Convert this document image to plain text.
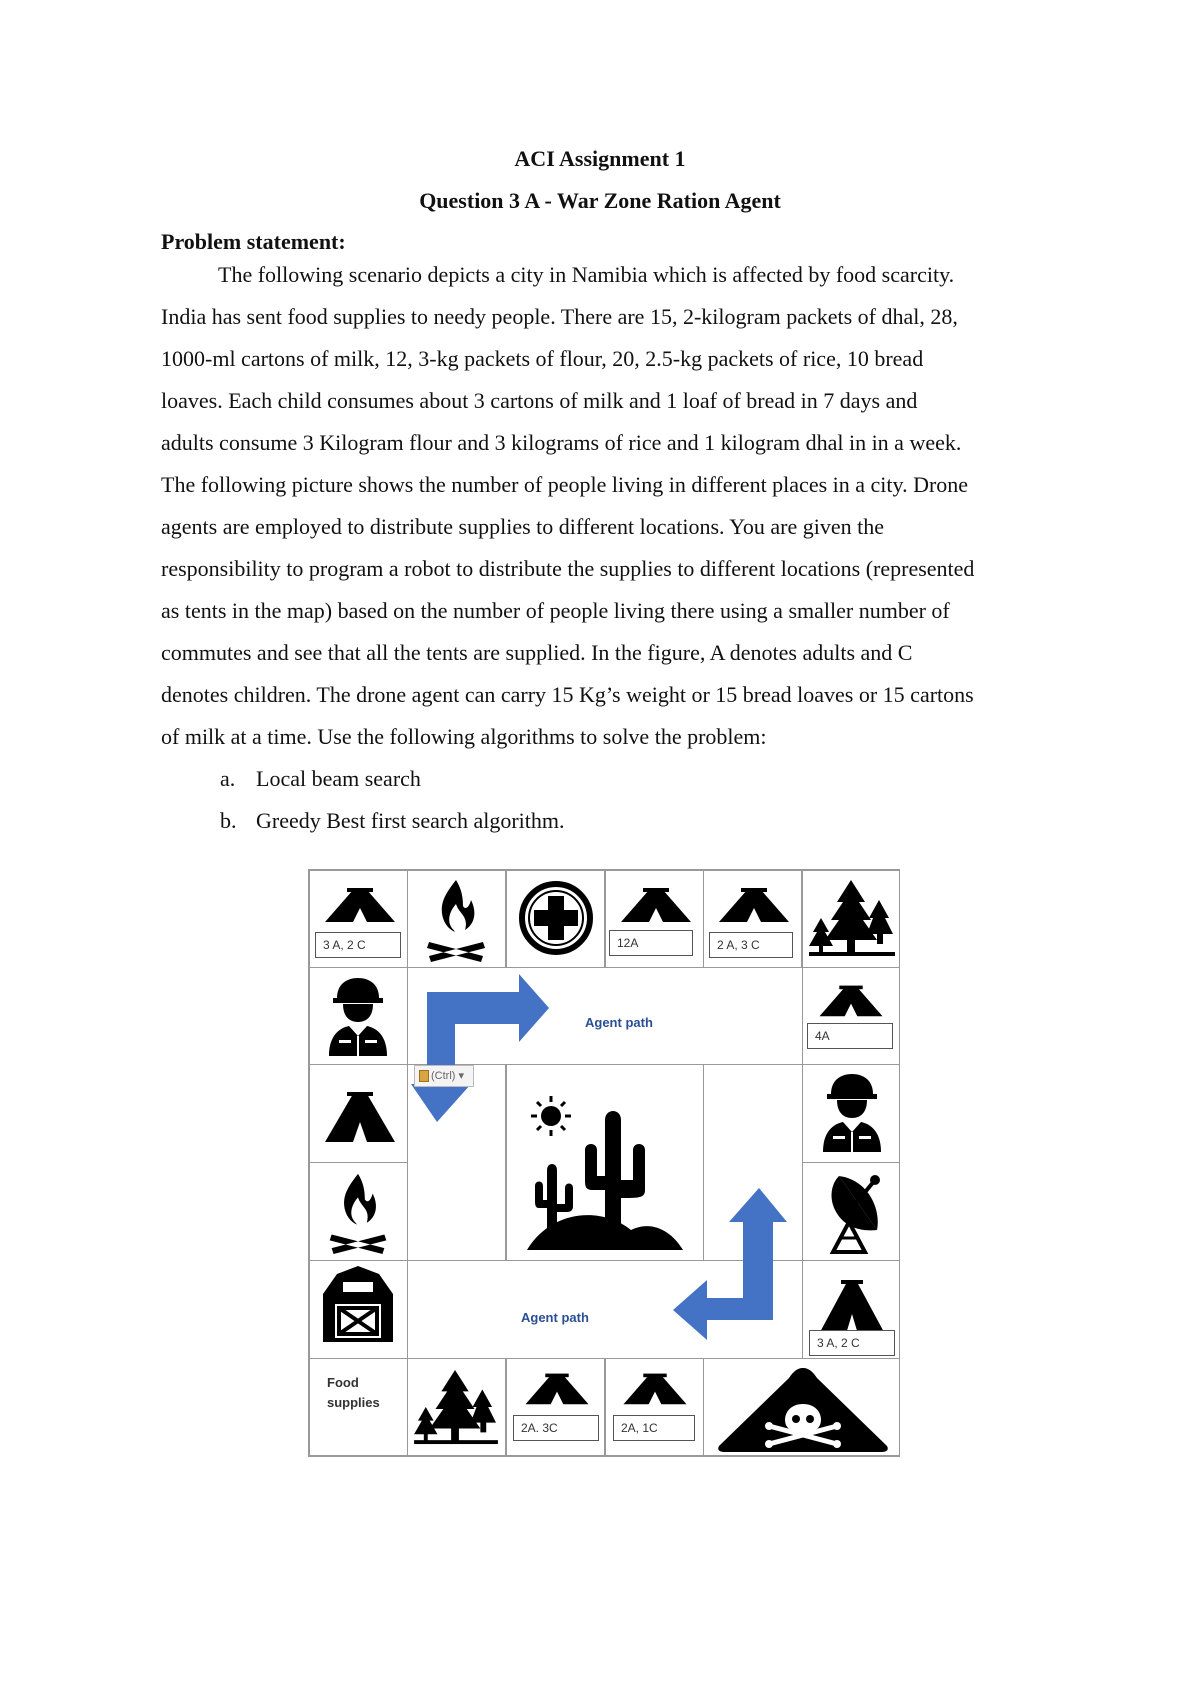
ACI Assignment 1
Question 3 A - War Zone Ration Agent
Problem statement:
The following scenario depicts a city in Namibia which is affected by food scarcity.
India has sent food supplies to needy people. There are 15, 2-kilogram packets of dhal, 28,
1000-ml cartons of milk, 12, 3-kg packets of flour, 20, 2.5-kg packets of rice, 10 bread
loaves. Each child consumes about 3 cartons of milk and 1 loaf of bread in 7 days and
adults consume 3 Kilogram flour and 3 kilograms of rice and 1 kilogram dhal in in a week.
The following picture shows the number of people living in different places in a city. Drone
agents are employed to distribute supplies to different locations. You are given the
responsibility to program a robot to distribute the supplies to different locations (represented
as tents in the map) based on the number of people living there using a smaller number of
commutes and see that all the tents are supplied. In the figure, A denotes adults and C
denotes children. The drone agent can carry 15 Kg’s weight or 15 bread loaves or 15 cartons
of milk at a time. Use the following algorithms to solve the problem:
a. Local beam search
b. Greedy Best first search algorithm.
3 A, 2 C	12A	2 A, 3 C
4A
Agent path
Agent path
3 A, 2 C
Food
supplies
2A. 3C	2A, 1C
(Ctrl) ▾
